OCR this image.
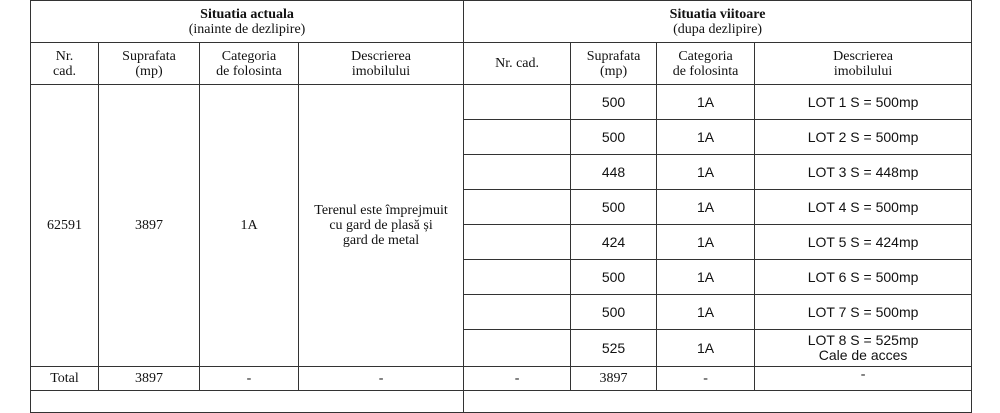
Situatia actuala
(inainte de dezlipire)				Situatia viitoare
(dupa dezlipire)			

Nr.
cad.	Suprafata
(mp)	Categoria
de folosinta	Descrierea
imobilului	Nr. cad.	Suprafata
(mp)	Categoria
de folosinta	Descrierea
imobilului
62591	3897	1A	Terenul este împrejmuit
cu gard de plasă și
gard de metal		500	1A	LOT 1 S = 500mp
					500	1A	LOT 2 S = 500mp
					448	1A	LOT 3 S = 448mp
					500	1A	LOT 4 S = 500mp
					424	1A	LOT 5 S = 424mp
					500	1A	LOT 6 S = 500mp
					500	1A	LOT 7 S = 500mp
					525	1A	LOT 8 S = 525mp
Cale de acces
Total	3897	-	-	-	3897	-	-
